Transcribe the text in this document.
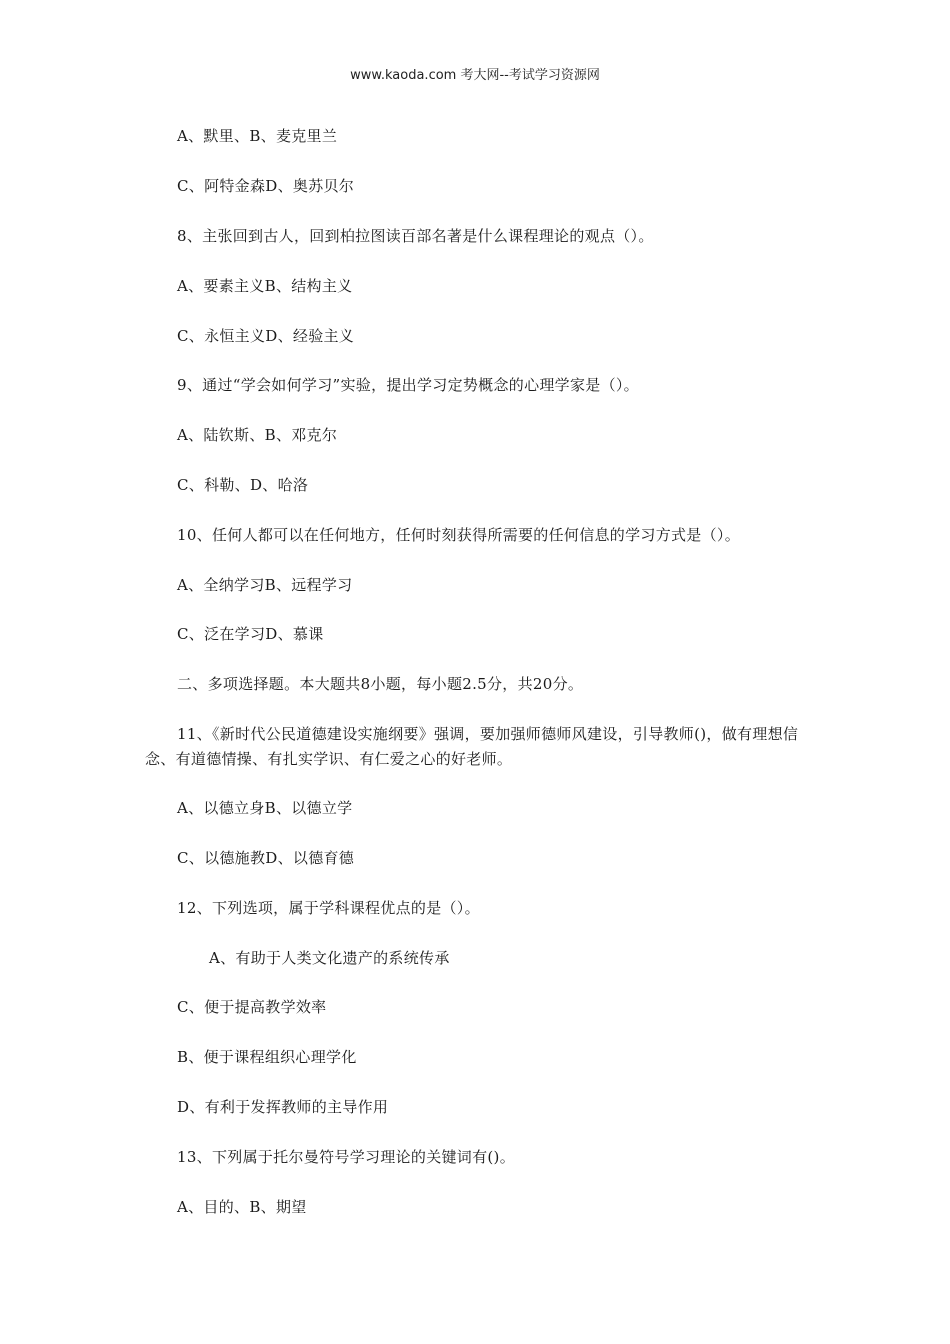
www.kaoda.com 考大网--考试学习资源网
A、默里、B、麦克里兰
C、阿特金森D、奥苏贝尔
8、主张回到古人，回到柏拉图读百部名著是什么课程理论的观点（）。
A、要素主义B、结构主义
C、永恒主义D、经验主义
9、通过“学会如何学习”实验，提出学习定势概念的心理学家是（）。
A、陆钦斯、B、邓克尔
C、科勒、D、哈洛
10、任何人都可以在任何地方，任何时刻获得所需要的任何信息的学习方式是（）。
A、全纳学习B、远程学习
C、泛在学习D、慕课
二、多项选择题。本大题共8小题，每小题2.5分，共20分。
11、《新时代公民道德建设实施纲要》强调，要加强师德师风建设，引导教师()，做有理想信念、有道德情操、有扎实学识、有仁爱之心的好老师。
A、以德立身B、以德立学
C、以德施教D、以德育德
12、下列选项，属于学科课程优点的是（）。
A、有助于人类文化遗产的系统传承
C、便于提高教学效率
B、便于课程组织心理学化
D、有利于发挥教师的主导作用
13、下列属于托尔曼符号学习理论的关键词有()。
A、目的、B、期望
